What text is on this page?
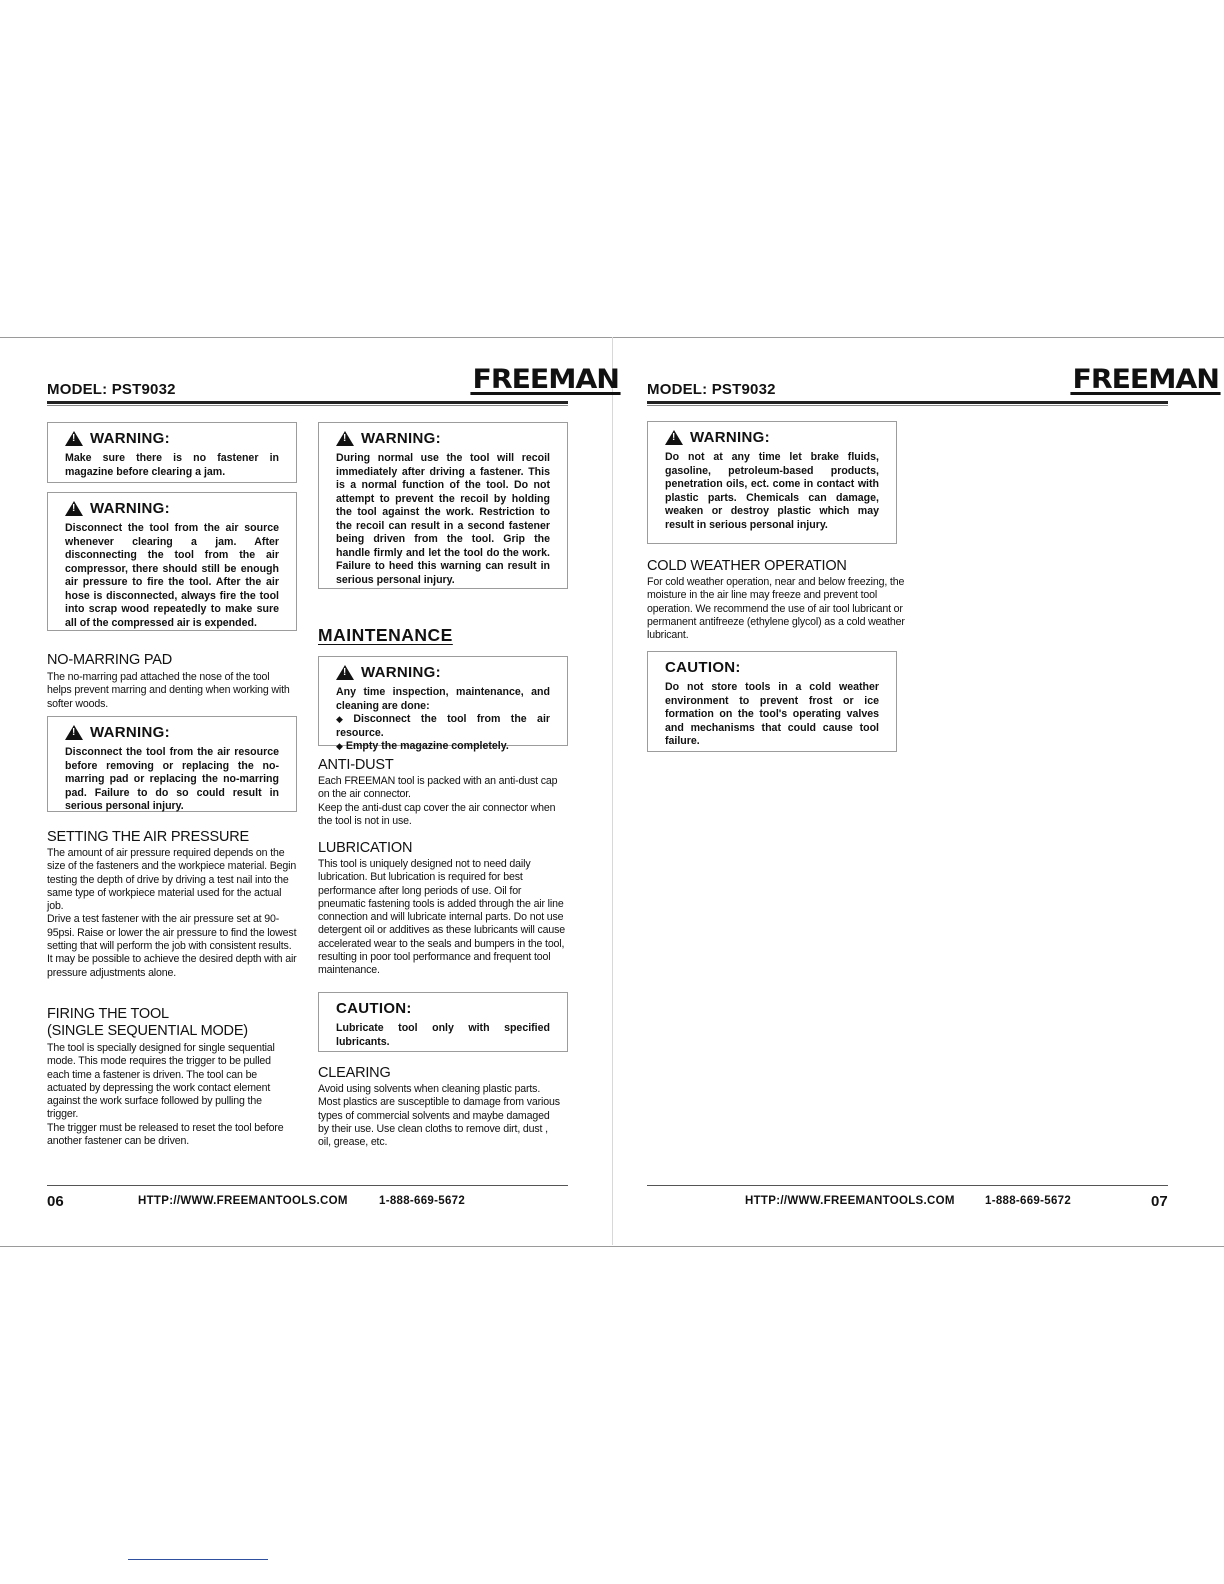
MODEL: PST9032	FREEMAN MODEL: PST9032	FREEMAN
!
WARNING:
Make sure there is no fastener in magazine before clearing a jam.
!
WARNING:
Disconnect the tool from the air source whenever clearing a jam. After disconnecting the tool from the air compressor, there should still be enough air pressure to fire the tool. After the air hose is disconnected, always fire the tool into scrap wood repeatedly to make sure all of the compressed air is expended.
NO-MARRING PAD
The no-marring pad attached the nose of the tool helps prevent marring and denting when working with softer woods.
!
WARNING:
Disconnect the tool from the air resource before removing or replacing the no-marring pad or replacing the no-marring pad. Failure to do so could result in serious personal injury.
SETTING THE AIR PRESSURE
The amount of air pressure required depends on the size of the fasteners and the workpiece material. Begin testing the depth of drive by driving a test nail into the same type of workpiece material used for the actual job.
Drive a test fastener with the air pressure set at 90-95psi. Raise or lower the air pressure to find the lowest setting that will perform the job with consistent results.
It may be possible to achieve the desired depth with air pressure adjustments alone.
FIRING THE TOOL
(SINGLE SEQUENTIAL MODE)
The tool is specially designed for single sequential mode. This mode requires the trigger to be pulled each time a fastener is driven. The tool can be actuated by depressing the work contact element against the work surface followed by pulling the trigger.
The trigger must be released to reset the tool before another fastener can be driven.
!
WARNING:
During normal use the tool will recoil immediately after driving a fastener. This is a normal function of the tool. Do not attempt to prevent the recoil by holding the tool against the work. Restriction to the recoil can result in a second fastener being driven from the tool. Grip the handle firmly and let the tool do the work. Failure to heed this warning can result in serious personal injury.
MAINTENANCE
!
WARNING:
Any time inspection, maintenance, and cleaning are done:
◆ Disconnect the tool from the air resource.
◆ Empty the magazine completely.
ANTI-DUST
Each FREEMAN tool is packed with an anti-dust cap on the air connector.
Keep the anti-dust cap cover the air connector when the tool is not in use.
LUBRICATION
This tool is uniquely designed not to need daily lubrication. But lubrication is required for best performance after long periods of use. Oil for pneumatic fastening tools is added through the air line connection and will lubricate internal parts. Do not use detergent oil or additives as these lubricants will cause accelerated wear to the seals and bumpers in the tool, resulting in poor tool performance and frequent tool maintenance.
CAUTION:
Lubricate tool only with specified lubricants.
CLEARING
Avoid using solvents when cleaning plastic parts. Most plastics are susceptible to damage from various types of commercial solvents and maybe damaged by their use. Use clean cloths to remove dirt, dust , oil, grease, etc.
06	HTTP://WWW.FREEMANTOOLS.COM	1-888-669-5672
!
WARNING:
Do not at any time let brake fluids, gasoline, petroleum-based products, penetration oils, ect. come in contact with plastic parts. Chemicals can damage, weaken or destroy plastic which may result in serious personal injury.
COLD WEATHER OPERATION
For cold weather operation, near and below freezing, the moisture in the air line may freeze and prevent tool operation. We recommend the use of air tool lubricant or permanent antifreeze (ethylene glycol) as a cold weather lubricant.
CAUTION:
Do not store tools in a cold weather environment to prevent frost or ice formation on the tool's operating valves and mechanisms that could cause tool failure.
HTTP://WWW.FREEMANTOOLS.COM	1-888-669-5672	07
